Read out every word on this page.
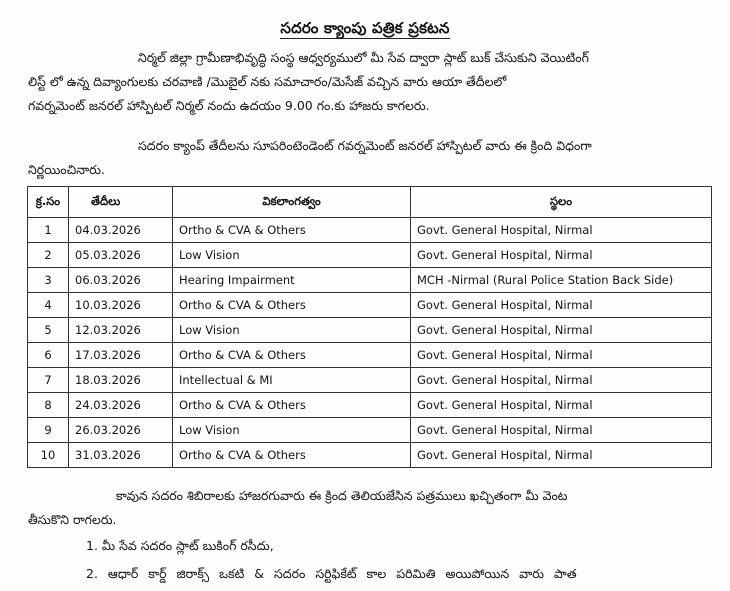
సదరం క్యాంపు పత్రిక ప్రకటన
నిర్మల్ జిల్లా గ్రామీణాభివృద్ధి సంస్థ ఆధ్వర్యములో మీ సేవ ద్వారా స్లాట్ బుక్ చేసుకుని వెయిటింగ్
లిస్ట్ లో ఉన్న దివ్యాంగులకు చరవాణి /మొబైల్ నకు సమాచారం/మెసేజ్ వచ్చిన వారు ఆయా తేదీలలో
గవర్నమెంట్ జనరల్ హాస్పిటల్ నిర్మల్ నందు ఉదయం 9.00 గం.కు హాజరు కాగలరు.
సదరం క్యాంప్ తేదీలను సూపరింటెండెంట్ గవర్నమెంట్ జనరల్ హాస్పిటల్ వారు ఈ క్రింది విధంగా
నిర్ణయించినారు.
క్ర.సం	తేదీలు	వికలాంగత్వం	స్థలం
1	04.03.2026	Ortho & CVA & Others	Govt. General Hospital, Nirmal
2	05.03.2026	Low Vision	Govt. General Hospital, Nirmal
3	06.03.2026	Hearing Impairment	MCH -Nirmal (Rural Police Station Back Side)
4	10.03.2026	Ortho & CVA & Others	Govt. General Hospital, Nirmal
5	12.03.2026	Low Vision	Govt. General Hospital, Nirmal
6	17.03.2026	Ortho & CVA & Others	Govt. General Hospital, Nirmal
7	18.03.2026	Intellectual & MI	Govt. General Hospital, Nirmal
8	24.03.2026	Ortho & CVA & Others	Govt. General Hospital, Nirmal
9	26.03.2026	Low Vision	Govt. General Hospital, Nirmal
10	31.03.2026	Ortho & CVA & Others	Govt. General Hospital, Nirmal
కావున సదరం శిబిరాలకు హాజరగువారు ఈ క్రింద తెలియజేసిన పత్రములు ఖచ్చితంగా మీ వెంట
తీసుకొని రాగలరు.
1. మీ సేవ సదరం స్లాట్ బుకింగ్ రసీదు,
2. ఆధార్ కార్డ్ జిరాక్స్ ఒకటి & సదరం సర్టిఫికేట్ కాల పరిమితి అయిపోయిన వారు పాత
